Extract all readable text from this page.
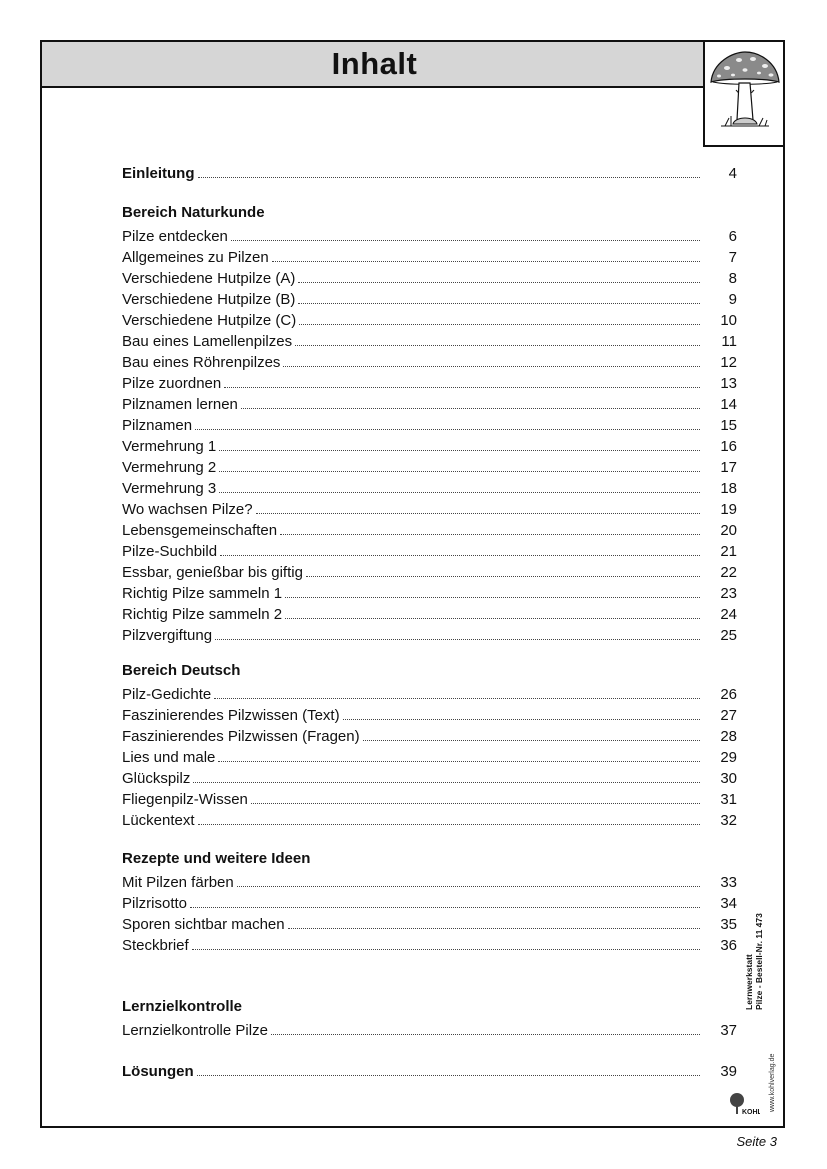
Inhalt
Einleitung	4
Bereich Naturkunde
Pilze entdecken	6
Allgemeines zu Pilzen	7
Verschiedene Hutpilze (A)	8
Verschiedene Hutpilze (B)	9
Verschiedene Hutpilze (C)	10
Bau eines Lamellenpilzes	11
Bau eines Röhrenpilzes	12
Pilze zuordnen	13
Pilznamen lernen	14
Pilznamen	15
Vermehrung 1	16
Vermehrung 2	17
Vermehrung 3	18
Wo wachsen Pilze?	19
Lebensgemeinschaften	20
Pilze-Suchbild	21
Essbar, genießbar bis giftig	22
Richtig Pilze sammeln 1	23
Richtig Pilze sammeln 2	24
Pilzvergiftung	25
Bereich Deutsch
Pilz-Gedichte	26
Faszinierendes Pilzwissen (Text)	27
Faszinierendes Pilzwissen (Fragen)	28
Lies und male	29
Glückspilz	30
Fliegenpilz-Wissen	31
Lückentext	32
Rezepte und weitere Ideen
Mit Pilzen färben	33
Pilzrisotto	34
Sporen sichtbar machen	35
Steckbrief	36
Lernzielkontrolle
Lernzielkontrolle Pilze	37
Lösungen	39
Lernwerkstatt Pilze - Bestell-Nr. 11 473
www.kohlverlag.de
KOHL
Seite 3
